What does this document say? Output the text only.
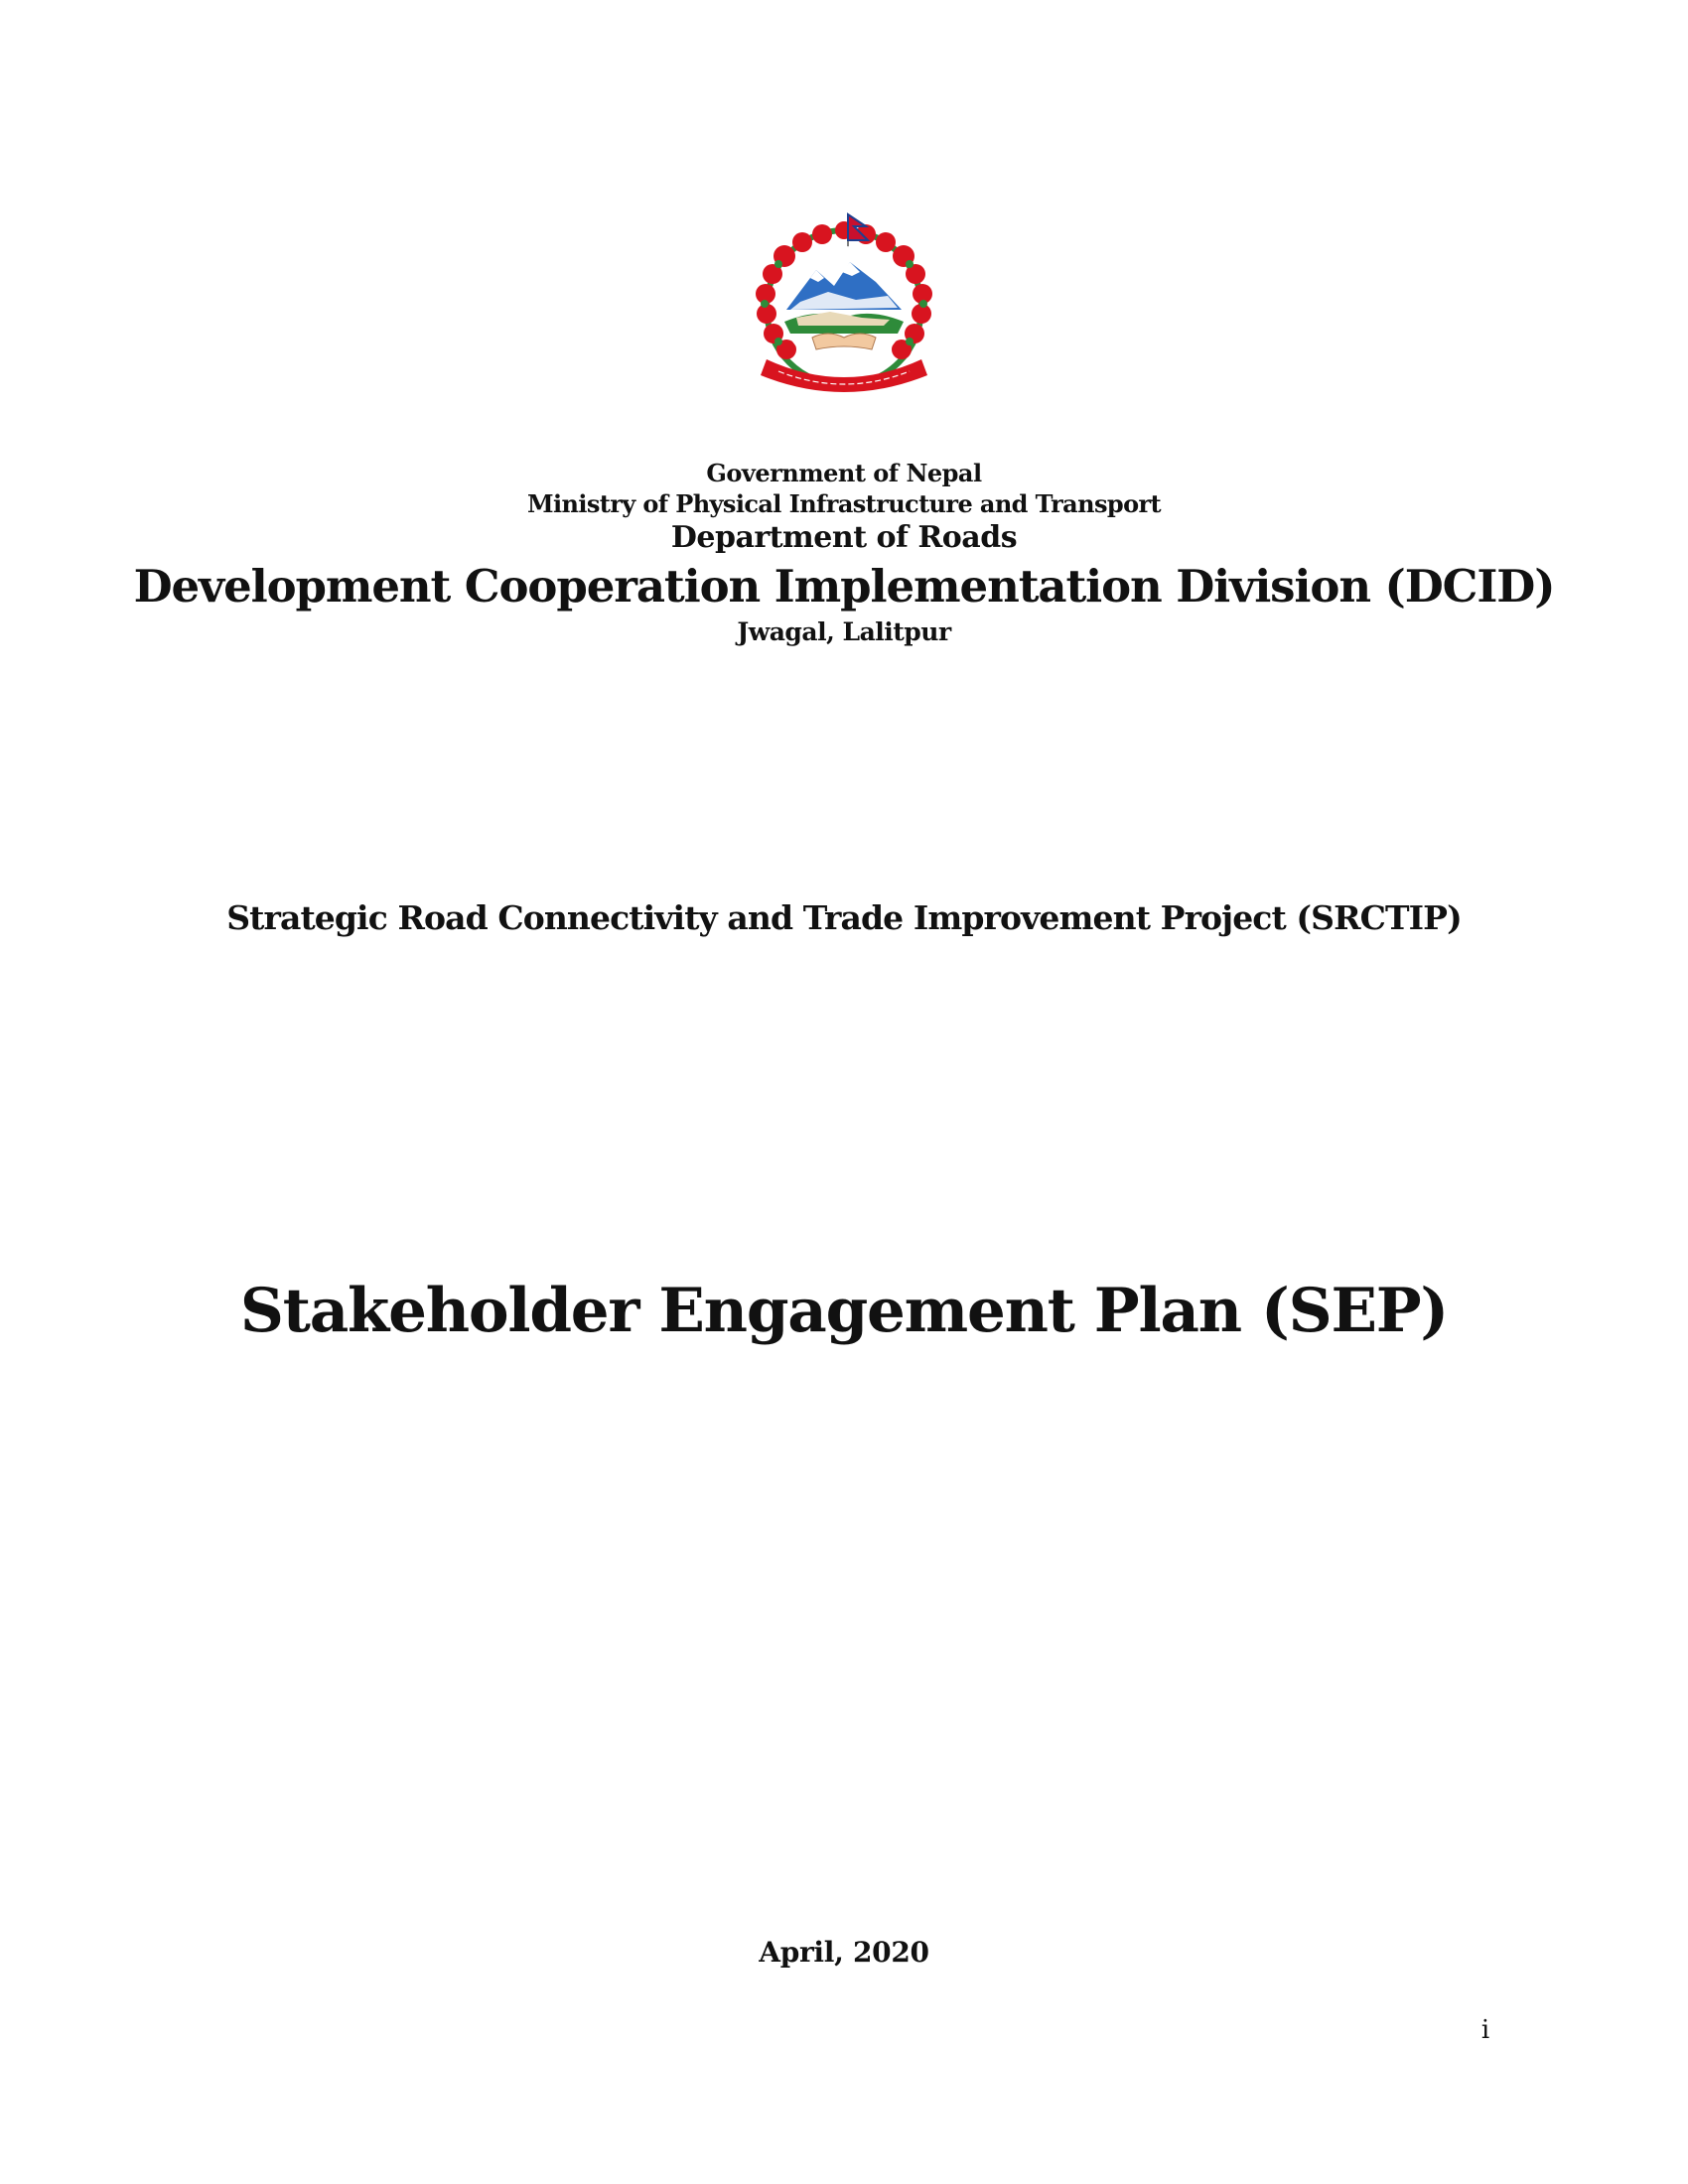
Government of Nepal
Ministry of Physical Infrastructure and Transport
Department of Roads
Development Cooperation Implementation Division (DCID)
Jwagal, Lalitpur
Strategic Road Connectivity and Trade Improvement Project (SRCTIP)
Stakeholder Engagement Plan (SEP)
April, 2020
i
